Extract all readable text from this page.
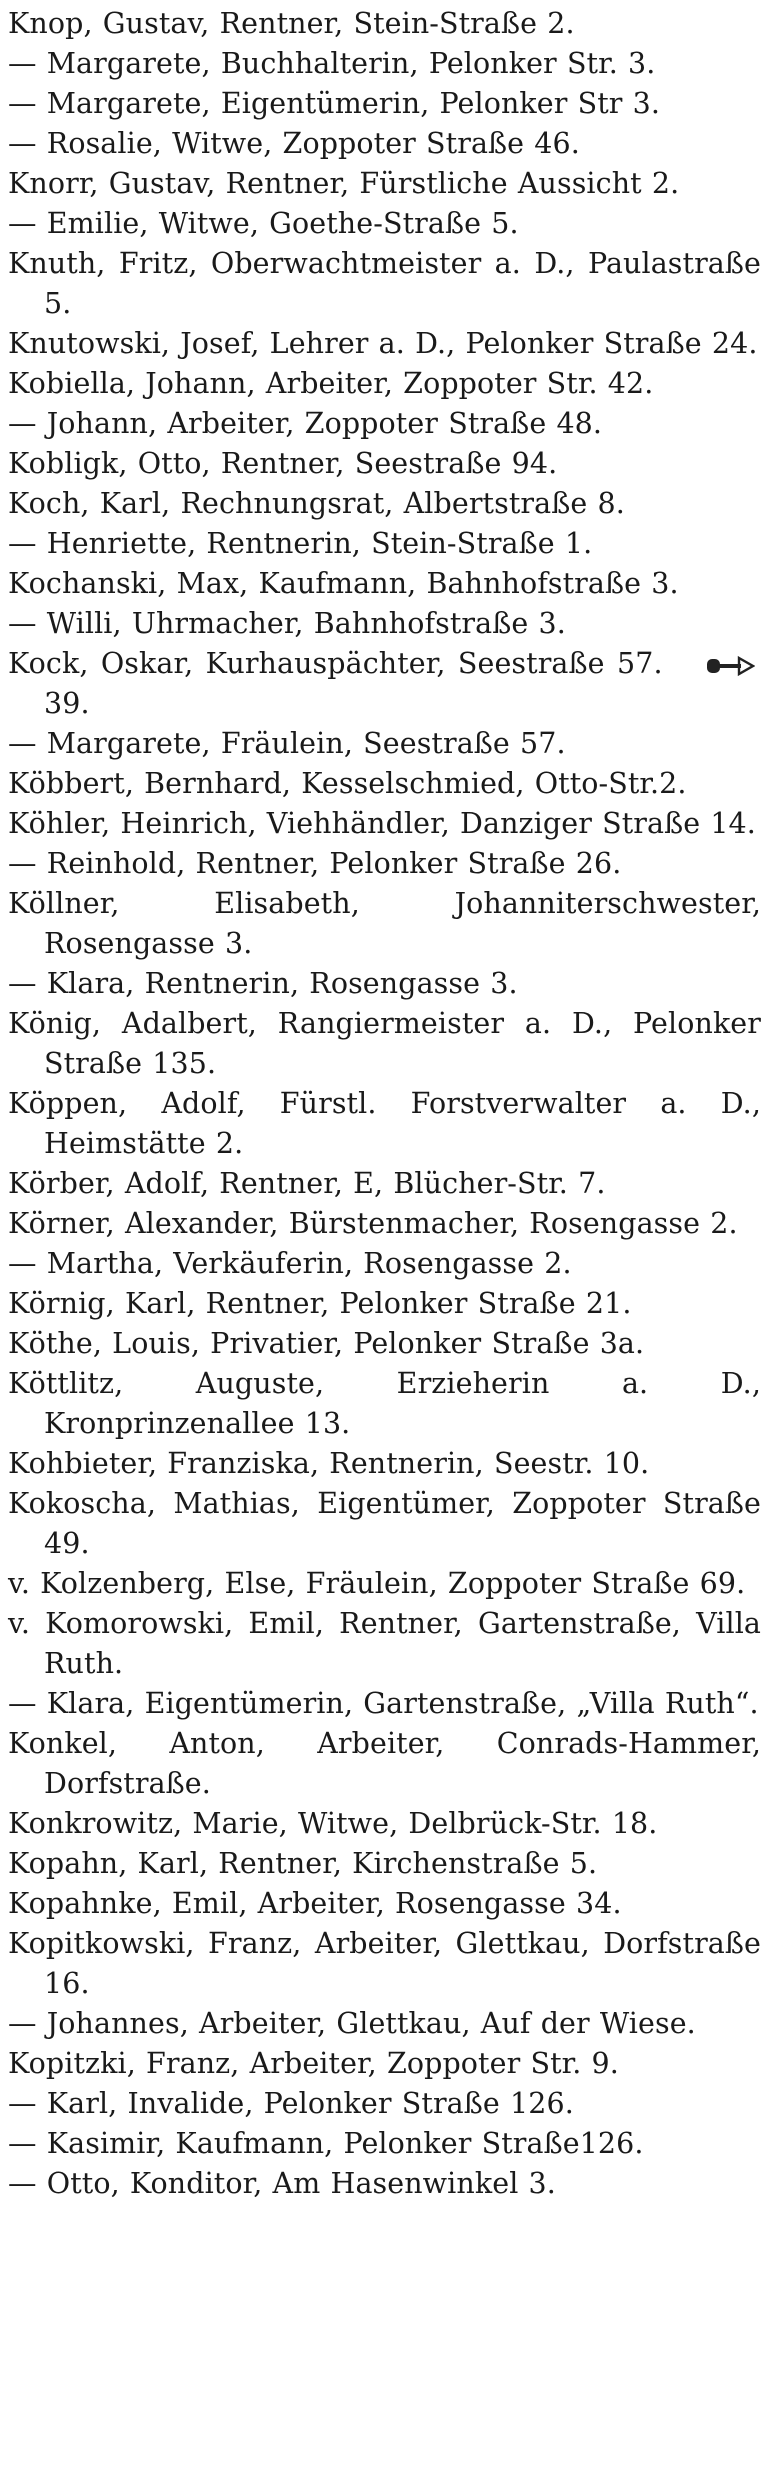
Knop, Gustav, Rentner, Stein-Straße 2.
— Margarete, Buchhalterin, Pelonker Str. 3.
— Margarete, Eigentümerin, Pelonker Str 3.
— Rosalie, Witwe, Zoppoter Straße 46.
Knorr, Gustav, Rentner, Fürstliche Aussicht 2.
— Emilie, Witwe, Goethe-Straße 5.
Knuth, Fritz, Oberwachtmeister a. D., Paulastraße 5.
Knutowski, Josef, Lehrer a. D., Pelonker Straße 24.
Kobiella, Johann, Arbeiter, Zoppoter Str. 42.
— Johann, Arbeiter, Zoppoter Straße 48.
Kobligk, Otto, Rentner, Seestraße 94.
Koch, Karl, Rechnungsrat, Albertstraße 8.
— Henriette, Rentnerin, Stein-Straße 1.
Kochanski, Max, Kaufmann, Bahnhofstraße 3.
— Willi, Uhrmacher, Bahnhofstraße 3.
Kock, Oskar, Kurhauspächter, Seestraße 57.
39.
— Margarete, Fräulein, Seestraße 57.
Köbbert, Bernhard, Kesselschmied, Otto-Str.2.
Köhler, Heinrich, Viehhändler, Danziger Straße 14.
— Reinhold, Rentner, Pelonker Straße 26.
Köllner, Elisabeth, Johanniterschwester, Rosengasse 3.
— Klara, Rentnerin, Rosengasse 3.
König, Adalbert, Rangiermeister a. D., Pelonker Straße 135.
Köppen, Adolf, Fürstl. Forstverwalter a. D., Heimstätte 2.
Körber, Adolf, Rentner, E, Blücher-Str. 7.
Körner, Alexander, Bürstenmacher, Rosengasse 2.
— Martha, Verkäuferin, Rosengasse 2.
Körnig, Karl, Rentner, Pelonker Straße 21.
Köthe, Louis, Privatier, Pelonker Straße 3a.
Köttlitz, Auguste, Erzieherin a. D., Kronprinzenallee 13.
Kohbieter, Franziska, Rentnerin, Seestr. 10.
Kokoscha, Mathias, Eigentümer, Zoppoter Straße 49.
v. Kolzenberg, Else, Fräulein, Zoppoter Straße 69.
v. Komorowski, Emil, Rentner, Gartenstraße, Villa Ruth.
— Klara, Eigentümerin, Gartenstraße, „Villa Ruth“.
Konkel, Anton, Arbeiter, Conrads-Hammer, Dorfstraße.
Konkrowitz, Marie, Witwe, Delbrück-Str. 18.
Kopahn, Karl, Rentner, Kirchenstraße 5.
Kopahnke, Emil, Arbeiter, Rosengasse 34.
Kopitkowski, Franz, Arbeiter, Glettkau, Dorfstraße 16.
— Johannes, Arbeiter, Glettkau, Auf der Wiese.
Kopitzki, Franz, Arbeiter, Zoppoter Str. 9.
— Karl, Invalide, Pelonker Straße 126.
— Kasimir, Kaufmann, Pelonker Straße126.
— Otto, Konditor, Am Hasenwinkel 3.
